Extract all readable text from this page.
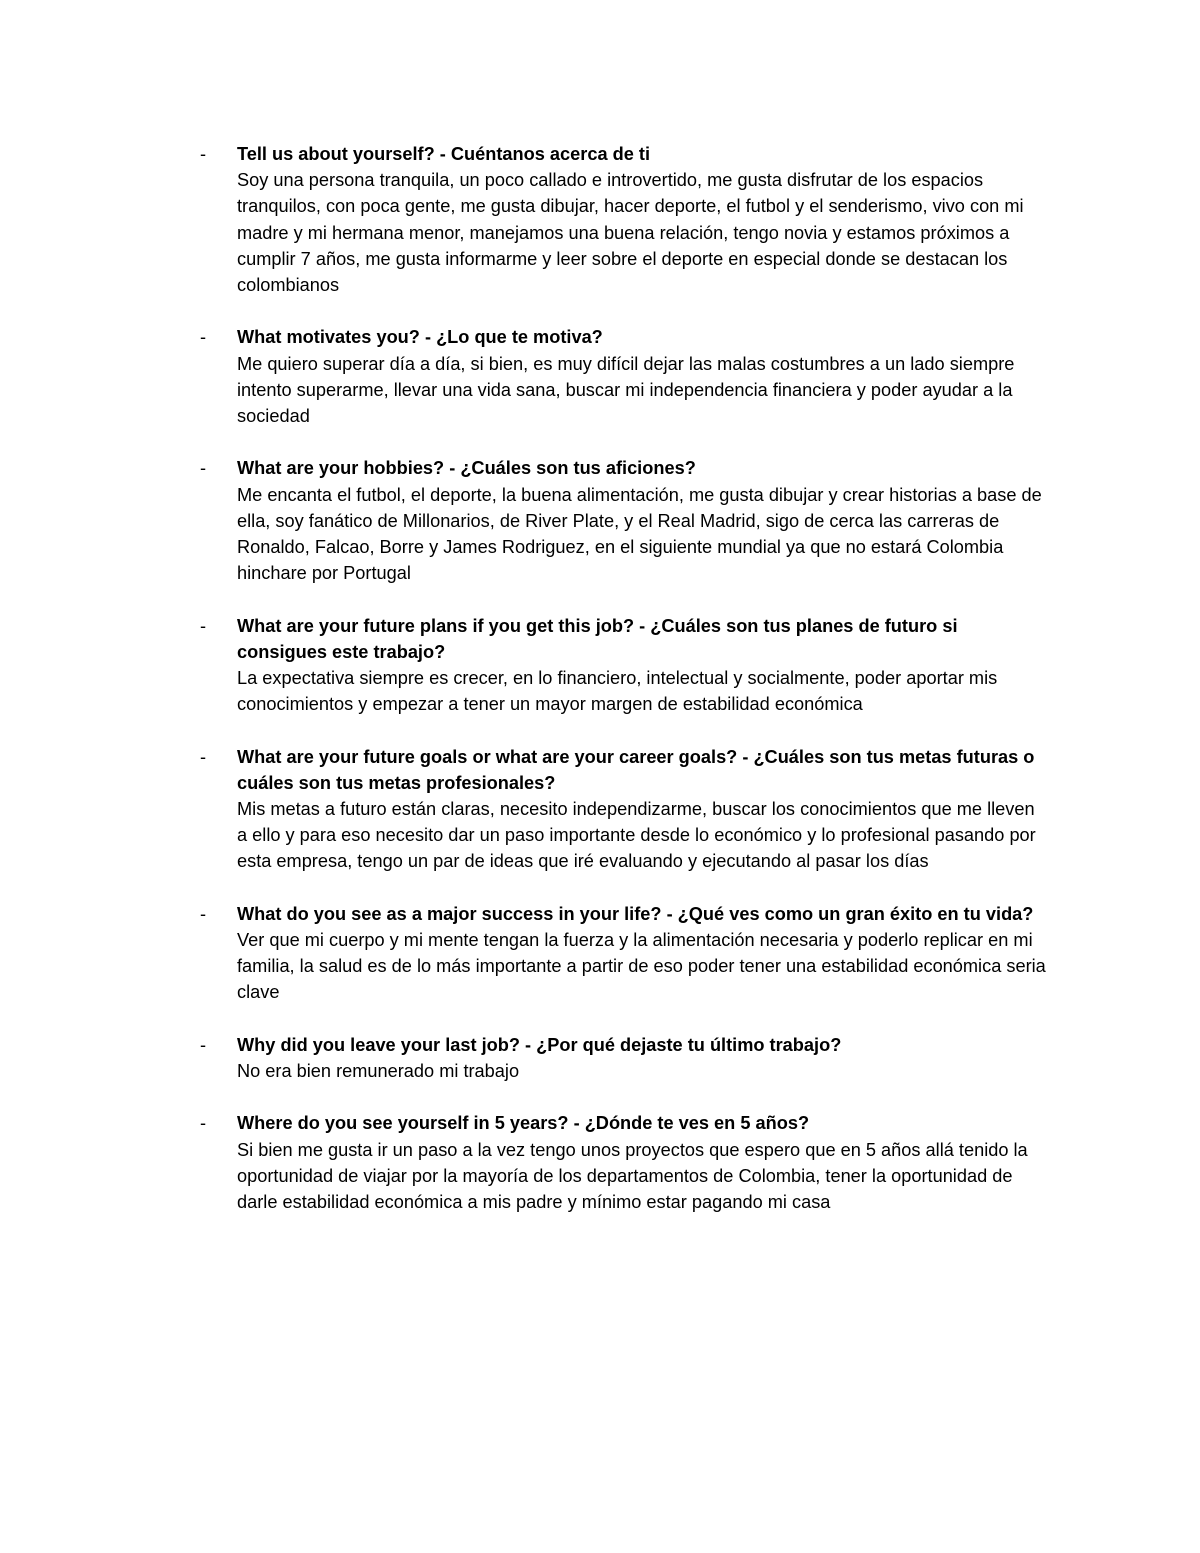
-	Tell us about yourself? - Cuéntanos acerca de ti
Soy una persona tranquila, un poco callado e introvertido, me gusta disfrutar de los espacios tranquilos, con poca gente, me gusta dibujar, hacer deporte, el futbol y el senderismo, vivo con mi madre y mi hermana menor, manejamos una buena relación, tengo novia y estamos próximos a cumplir 7 años, me gusta informarme y leer sobre el deporte en especial donde se destacan los colombianos
-	What motivates you? - ¿Lo que te motiva?
Me quiero superar día a día, si bien, es muy difícil dejar las malas costumbres a un lado siempre intento superarme, llevar una vida sana, buscar mi independencia financiera y poder ayudar a la sociedad
-	What are your hobbies? - ¿Cuáles son tus aficiones?
Me encanta el futbol, el deporte, la buena alimentación, me gusta dibujar y crear historias a base de ella, soy fanático de Millonarios, de River Plate, y el Real Madrid, sigo de cerca las carreras de Ronaldo, Falcao, Borre y James Rodriguez, en el siguiente mundial ya que no estará Colombia hinchare por Portugal
-	What are your future plans if you get this job? - ¿Cuáles son tus planes de futuro si consigues este trabajo?
La expectativa siempre es crecer, en lo financiero, intelectual y socialmente, poder aportar mis conocimientos y empezar a tener un mayor margen de estabilidad económica
-	What are your future goals or what are your career goals? - ¿Cuáles son tus metas futuras o cuáles son tus metas profesionales?
Mis metas a futuro están claras, necesito independizarme, buscar los conocimientos que me lleven a ello y para eso necesito dar un paso importante desde lo económico y lo profesional pasando por esta empresa, tengo un par de ideas que iré evaluando y ejecutando al pasar los días
-	What do you see as a major success in your life? - ¿Qué ves como un gran éxito en tu vida?
Ver que mi cuerpo y mi mente tengan la fuerza y la alimentación necesaria y poderlo replicar en mi familia, la salud es de lo más importante a partir de eso poder tener una estabilidad económica seria clave
-	Why did you leave your last job? - ¿Por qué dejaste tu último trabajo?
No era bien remunerado mi trabajo
-	Where do you see yourself in 5 years? - ¿Dónde te ves en 5 años?
Si bien me gusta ir un paso a la vez tengo unos proyectos que espero que en 5 años allá tenido la oportunidad de viajar por la mayoría de los departamentos de Colombia, tener la oportunidad de darle estabilidad económica a mis padre y mínimo estar pagando mi casa
